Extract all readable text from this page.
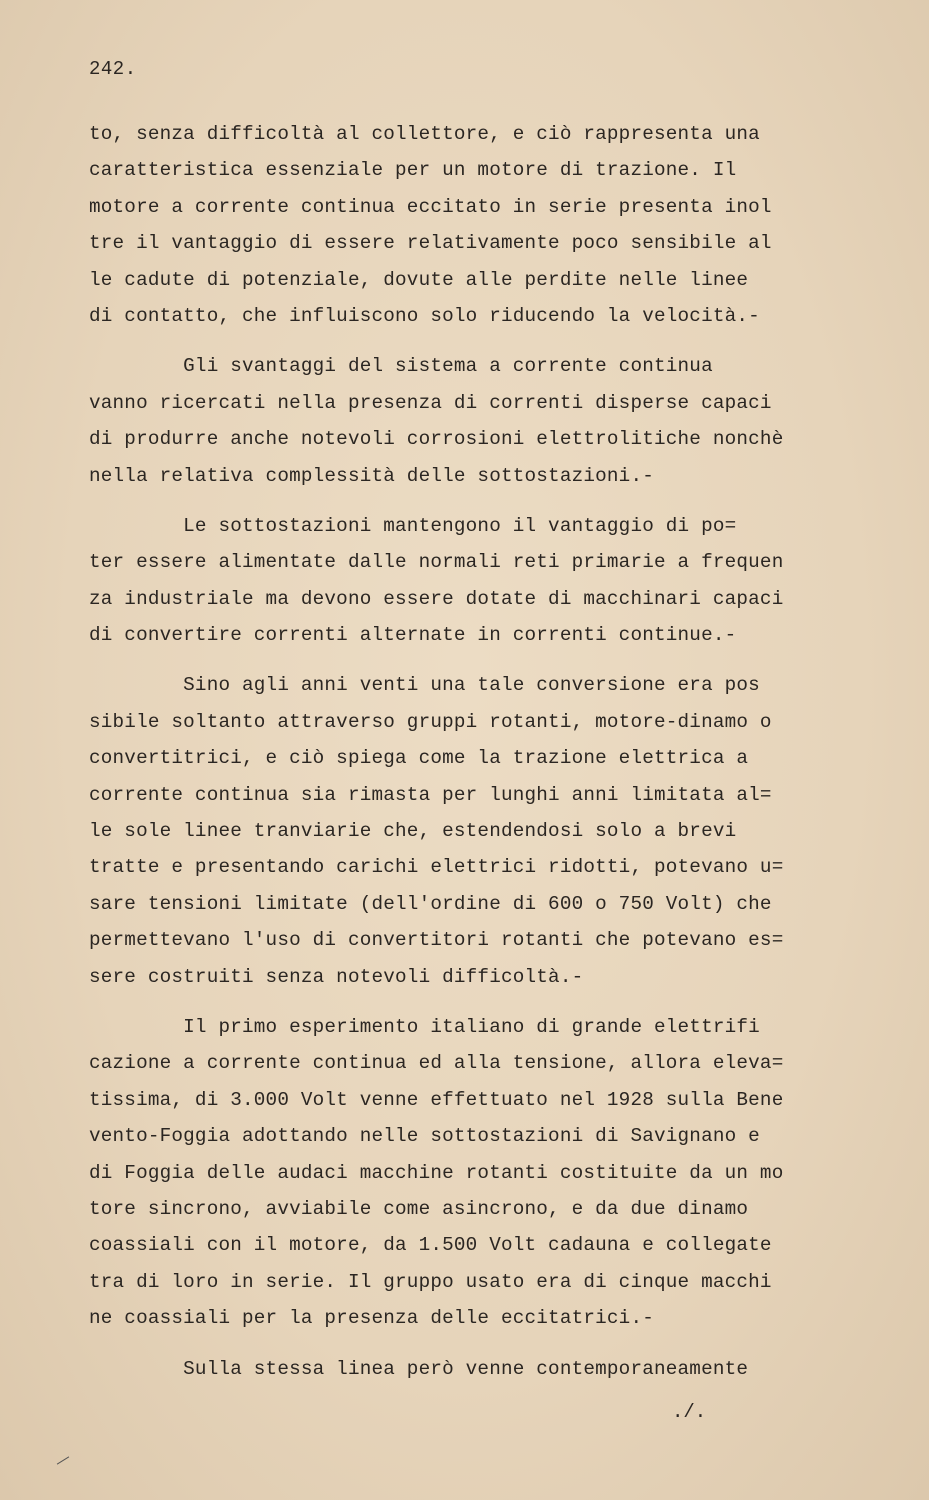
242.
to, senza difficoltà al collettore, e ciò rappresenta una
caratteristica essenziale per un motore di trazione. Il
motore a corrente continua eccitato in serie presenta inol
tre il vantaggio di essere relativamente poco sensibile al
le cadute di potenziale, dovute alle perdite nelle linee
di contatto, che influiscono solo riducendo la velocità.-
Gli svantaggi del sistema a corrente continua
vanno ricercati nella presenza di correnti disperse capaci
di produrre anche notevoli corrosioni elettrolitiche nonchè
nella relativa complessità delle sottostazioni.-
Le sottostazioni mantengono il vantaggio di po=
ter essere alimentate dalle normali reti primarie a frequen
za industriale ma devono essere dotate di macchinari capaci
di convertire correnti alternate in correnti continue.-
Sino agli anni venti una tale conversione era pos
sibile soltanto attraverso gruppi rotanti, motore-dinamo o
convertitrici, e ciò spiega come la trazione elettrica a
corrente continua sia rimasta per lunghi anni limitata al=
le sole linee tranviarie che, estendendosi solo a brevi
tratte e presentando carichi elettrici ridotti, potevano u=
sare tensioni limitate (dell'ordine di 600 o 750 Volt) che
permettevano l'uso di convertitori rotanti che potevano es=
sere costruiti senza notevoli difficoltà.-
Il primo esperimento italiano di grande elettrifi
cazione a corrente continua ed alla tensione, allora eleva=
tissima, di 3.000 Volt venne effettuato nel 1928 sulla Bene
vento-Foggia adottando nelle sottostazioni di Savignano e
di Foggia delle audaci macchine rotanti costituite da un mo
tore sincrono, avviabile come asincrono, e da due dinamo
coassiali con il motore, da 1.500 Volt cadauna e collegate
tra di loro in serie. Il gruppo usato era di cinque macchi
ne coassiali per la presenza delle eccitatrici.-
Sulla stessa linea però venne contemporaneamente
./.
